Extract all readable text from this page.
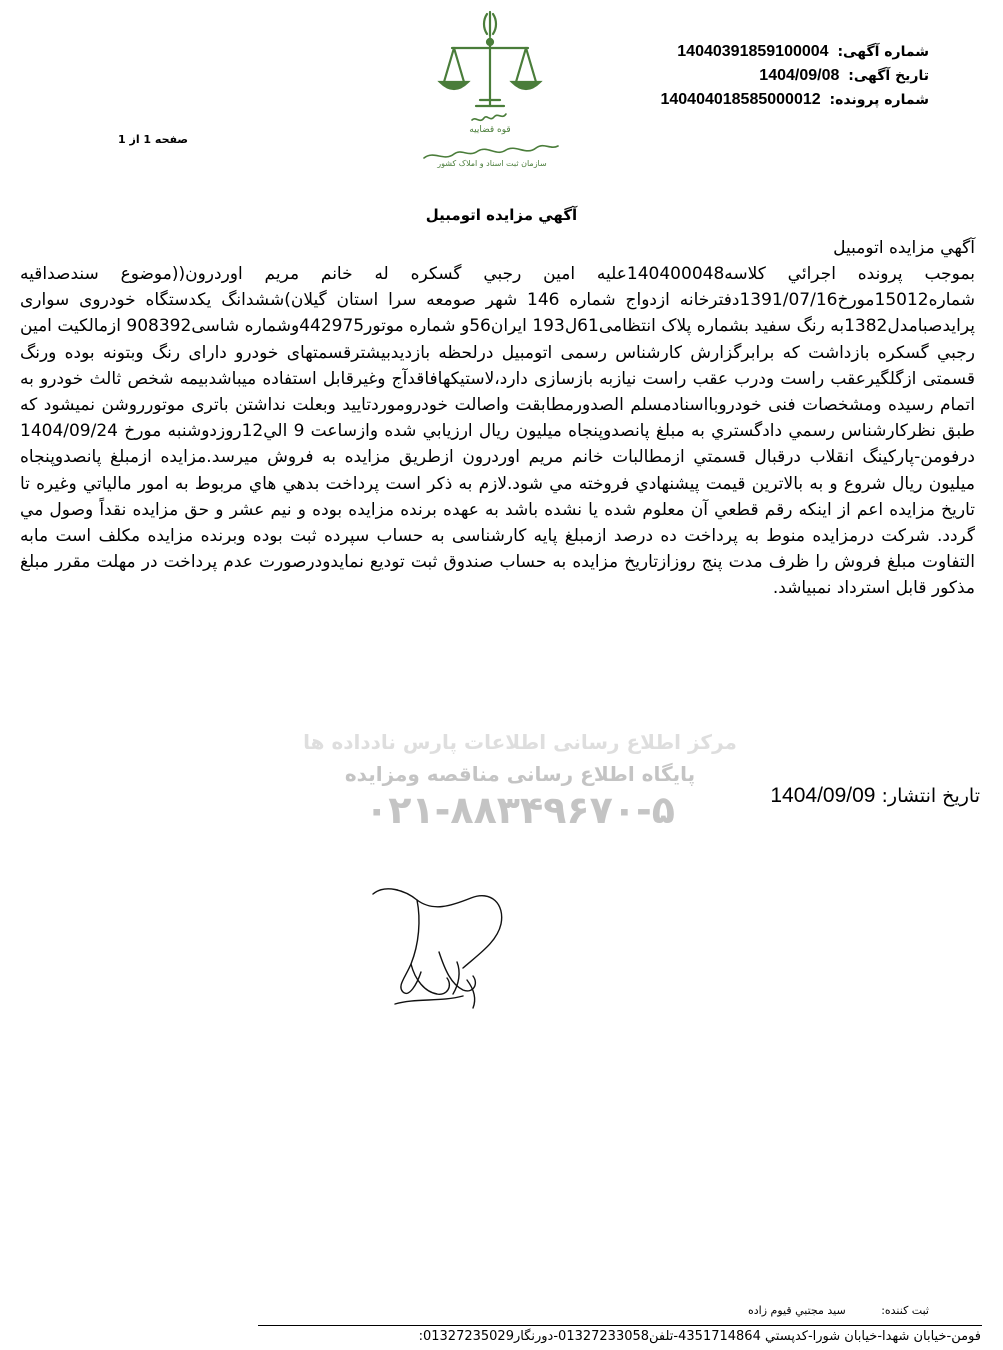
شماره آگهی: 14040391859100004
تاریخ آگهی: 1404/09/08
شماره پرونده: 140404018585000012
صفحه 1 از 1
قوه قضاییه
سازمان ثبت اسناد و املاک کشور
آگهي مزايده اتومبيل
آگهي مزايده اتومبيل
بموجب پرونده اجرائي كلاسه140400048عليه امين رجبي گسكره له خانم مريم اوردرون((موضوع سندصداقيه شماره15012مورخ1391/07/16دفترخانه ازدواج شماره 146 شهر صومعه سرا استان گيلان)ششدانگ يكدستگاه خودروی سواری پرايدصبامدل1382به رنگ سفيد بشماره پلاک انتظامی61ل193 ايران56و شماره موتور442975وشماره شاسی908392 ازمالكيت امين رجبي گسكره بازداشت كه برابرگزارش كارشناس رسمی اتومبيل درلحظه بازديدبيشترقسمتهای خودرو دارای رنگ وبتونه بوده ورنگ قسمتی ازگلگيرعقب راست ودرب عقب راست نيازبه بازسازی دارد،لاستيكهافاقدآج وغيرقابل استفاده ميباشدبيمه شخص ثالث خودرو به اتمام رسيده ومشخصات فنی خودروبااسنادمسلم الصدورمطابقت واصالت خودروموردتاييد وبعلت نداشتن باتری موتورروشن نميشود كه طبق نظركارشناس رسمي دادگستري به مبلغ پانصدوپنجاه ميليون ريال ارزيابي شده وازساعت 9 الي12روزدوشنبه مورخ 1404/09/24 درفومن-پاركينگ انقلاب درقبال قسمتي ازمطالبات خانم مريم اوردرون ازطريق مزايده به فروش ميرسد.مزايده ازمبلغ پانصدوپنجاه ميليون ريال شروع و به بالاترين قيمت پيشنهادي فروخته مي شود.لازم به ذكر است پرداخت بدهي هاي مربوط به امور مالياتي وغيره تا تاريخ مزايده اعم از اينكه رقم قطعي آن معلوم شده يا نشده باشد به عهده برنده مزايده بوده و نيم عشر و حق مزايده نقداً وصول مي گردد. شركت درمزايده منوط به پرداخت ده درصد ازمبلغ پايه كارشناسی به حساب سپرده ثبت بوده وبرنده مزايده مكلف است مابه التفاوت مبلغ فروش را ظرف مدت پنج روزازتاريخ مزايده به حساب صندوق ثبت توديع نمايدودرصورت عدم پرداخت در مهلت مقرر مبلغ مذكور قابل استرداد نمبياشد.
مرکز اطلاع رسانی اطلاعات پارس نادداده ها
پایگاه اطلاع رسانی مناقصه ومزایده
۰۲۱-۸۸۳۴۹۶۷۰-۵	تاریخ انتشار: 1404/09/09
ثبت کننده: سيد مجتبي قيوم زاده
فومن-خيابان شهدا-خيابان شورا-كدپستي 4351714864-تلفن01327233058-دورنگار01327235029:
